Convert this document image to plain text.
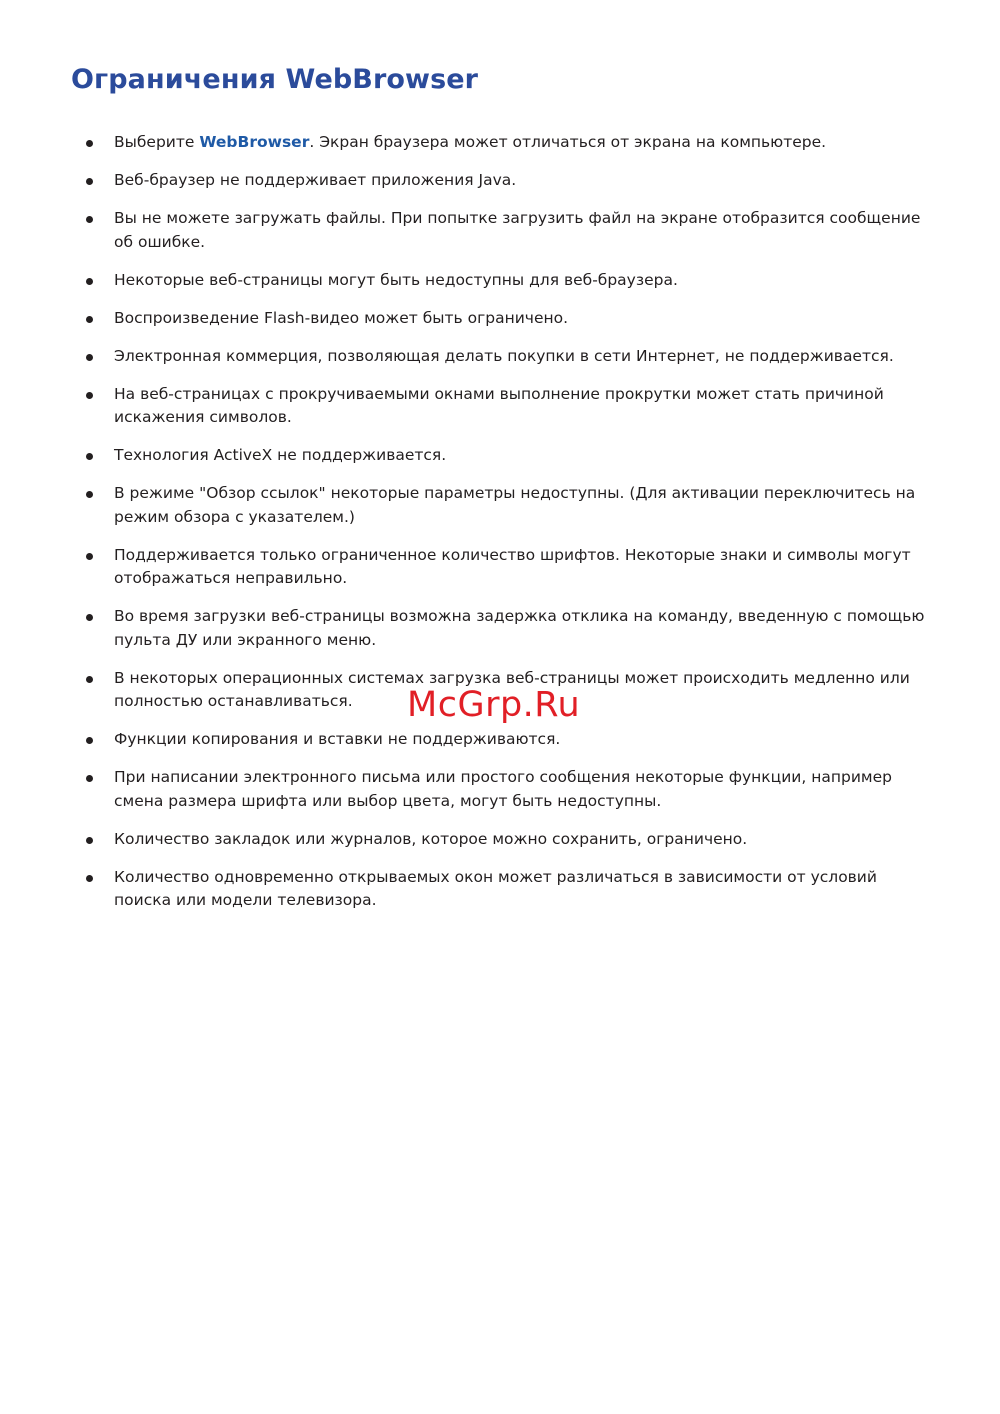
Ограничения WebBrowser
Выберите WebBrowser. Экран браузера может отличаться от экрана на компьютере.
Веб-браузер не поддерживает приложения Java.
Вы не можете загружать файлы. При попытке загрузить файл на экране отобразится сообщение об ошибке.
Некоторые веб-страницы могут быть недоступны для веб-браузера.
Воспроизведение Flash-видео может быть ограничено.
Электронная коммерция, позволяющая делать покупки в сети Интернет, не поддерживается.
На веб-страницах с прокручиваемыми окнами выполнение прокрутки может стать причиной искажения символов.
Технология ActiveX не поддерживается.
В режиме "Обзор ссылок" некоторые параметры недоступны. (Для активации переключитесь на режим обзора с указателем.)
Поддерживается только ограниченное количество шрифтов. Некоторые знаки и символы могут отображаться неправильно.
Во время загрузки веб-страницы возможна задержка отклика на команду, введенную с помощью пульта ДУ или экранного меню.
В некоторых операционных системах загрузка веб-страницы может происходить медленно или полностью останавливаться.
Функции копирования и вставки не поддерживаются.
При написании электронного письма или простого сообщения некоторые функции, например смена размера шрифта или выбор цвета, могут быть недоступны.
Количество закладок или журналов, которое можно сохранить, ограничено.
Количество одновременно открываемых окон может различаться в зависимости от условий поиска или модели телевизора.
McGrp.Ru
